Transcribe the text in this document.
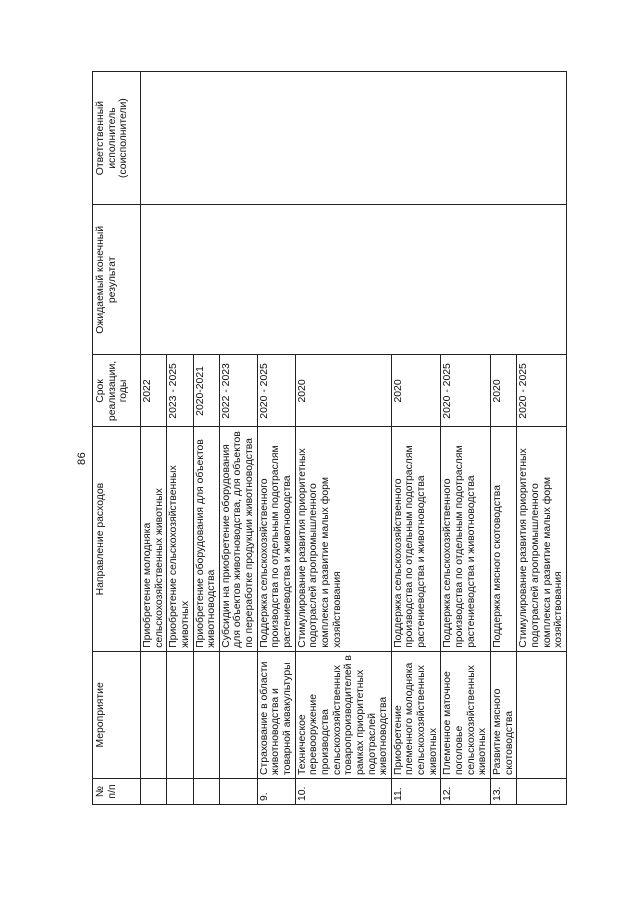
86
№ п/п	Мероприятие	Направление расходов	Срок реализации, годы	Ожидаемый конечный результат	Ответственный исполнитель (соисполнители)
		Приобретение молодняка сельскохозяйственных животных	2022		
		Приобретение сельскохозяйственных животных	2023 - 2025		
		Приобретение оборудования для объектов животноводства	2020-2021		
		Субсидии на приобретение оборудования для объектов животноводства, для объектов по переработке продукции животноводства	2022 - 2023		
9.	Страхование в области животноводства и товарной аквакультуры	Поддержка сельскохозяйственного производства по отдельным подотраслям растениеводства и животноводства	2020 - 2025		
10.	Техническое перевооружение производства сельскохозяйственных товаропроизводителей в рамках приоритетных подотраслей животноводства	Стимулирование развития приоритетных подотраслей агропромышленного комплекса и развитие малых форм хозяйствования	2020		
11.	Приобретение племенного молодняка сельскохозяйственных животных	Поддержка сельскохозяйственного производства по отдельным подотраслям растениеводства и животноводства	2020		
12.	Племенное маточное поголовье сельскохозяйственных животных	Поддержка сельскохозяйственного производства по отдельным подотраслям растениеводства и животноводства	2020 - 2025		
13.	Развитие мясного скотоводства	Поддержка мясного скотоводства	2020		
		Стимулирование развития приоритетных подотраслей агропромышленного комплекса и развитие малых форм хозяйствования	2020 - 2025		
